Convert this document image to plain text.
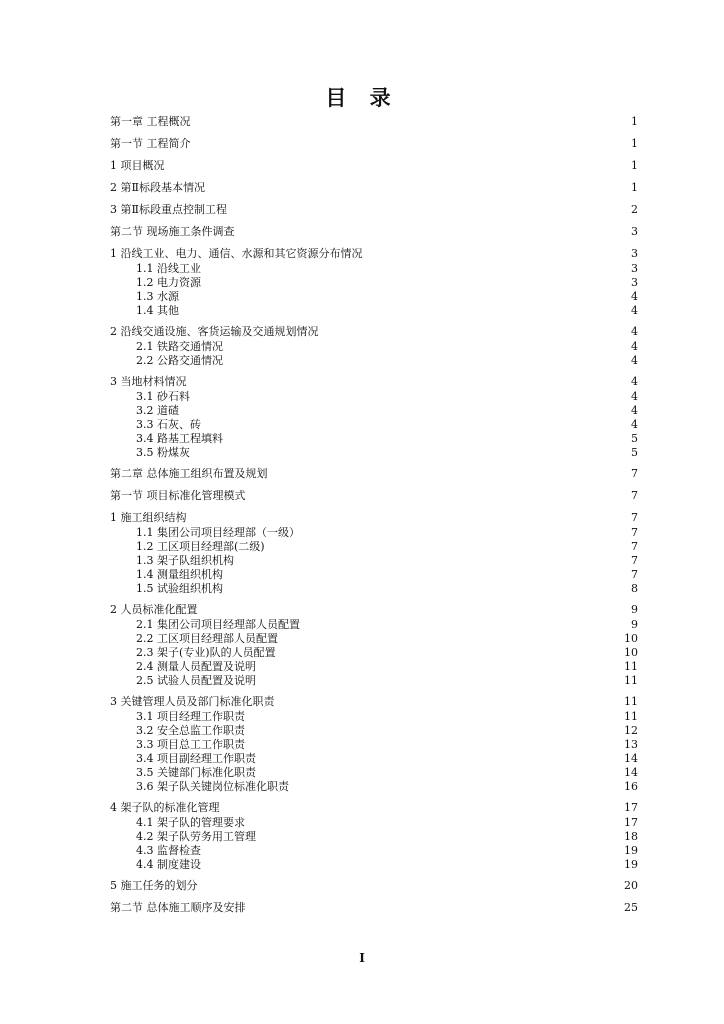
目 录
第一章 工程概况	1
第一节 工程简介	1
1 项目概况	1
2 第Ⅱ标段基本情况	1
3 第Ⅱ标段重点控制工程	2
第二节 现场施工条件调查	3
1 沿线工业、电力、通信、水源和其它资源分布情况	3
1.1 沿线工业	3
1.2 电力资源	3
1.3 水源	4
1.4 其他	4
2 沿线交通设施、客货运输及交通规划情况	4
2.1 铁路交通情况	4
2.2 公路交通情况	4
3 当地材料情况	4
3.1 砂石料	4
3.2 道碴	4
3.3 石灰、砖	4
3.4 路基工程填料	5
3.5 粉煤灰	5
第二章 总体施工组织布置及规划	7
第一节 项目标准化管理模式	7
1 施工组织结构	7
1.1 集团公司项目经理部（一级）	7
1.2 工区项目经理部(二级)	7
1.3 架子队组织机构	7
1.4 测量组织机构	7
1.5 试验组织机构	8
2 人员标准化配置	9
2.1 集团公司项目经理部人员配置	9
2.2 工区项目经理部人员配置	10
2.3 架子(专业)队的人员配置	10
2.4 测量人员配置及说明	11
2.5 试验人员配置及说明	11
3 关键管理人员及部门标准化职责	11
3.1 项目经理工作职责	11
3.2 安全总监工作职责	12
3.3 项目总工工作职责	13
3.4 项目副经理工作职责	14
3.5 关键部门标准化职责	14
3.6 架子队关键岗位标准化职责	16
4 架子队的标准化管理	17
4.1 架子队的管理要求	17
4.2 架子队劳务用工管理	18
4.3 监督检查	19
4.4 制度建设	19
5 施工任务的划分	20
第二节 总体施工顺序及安排	25
I
